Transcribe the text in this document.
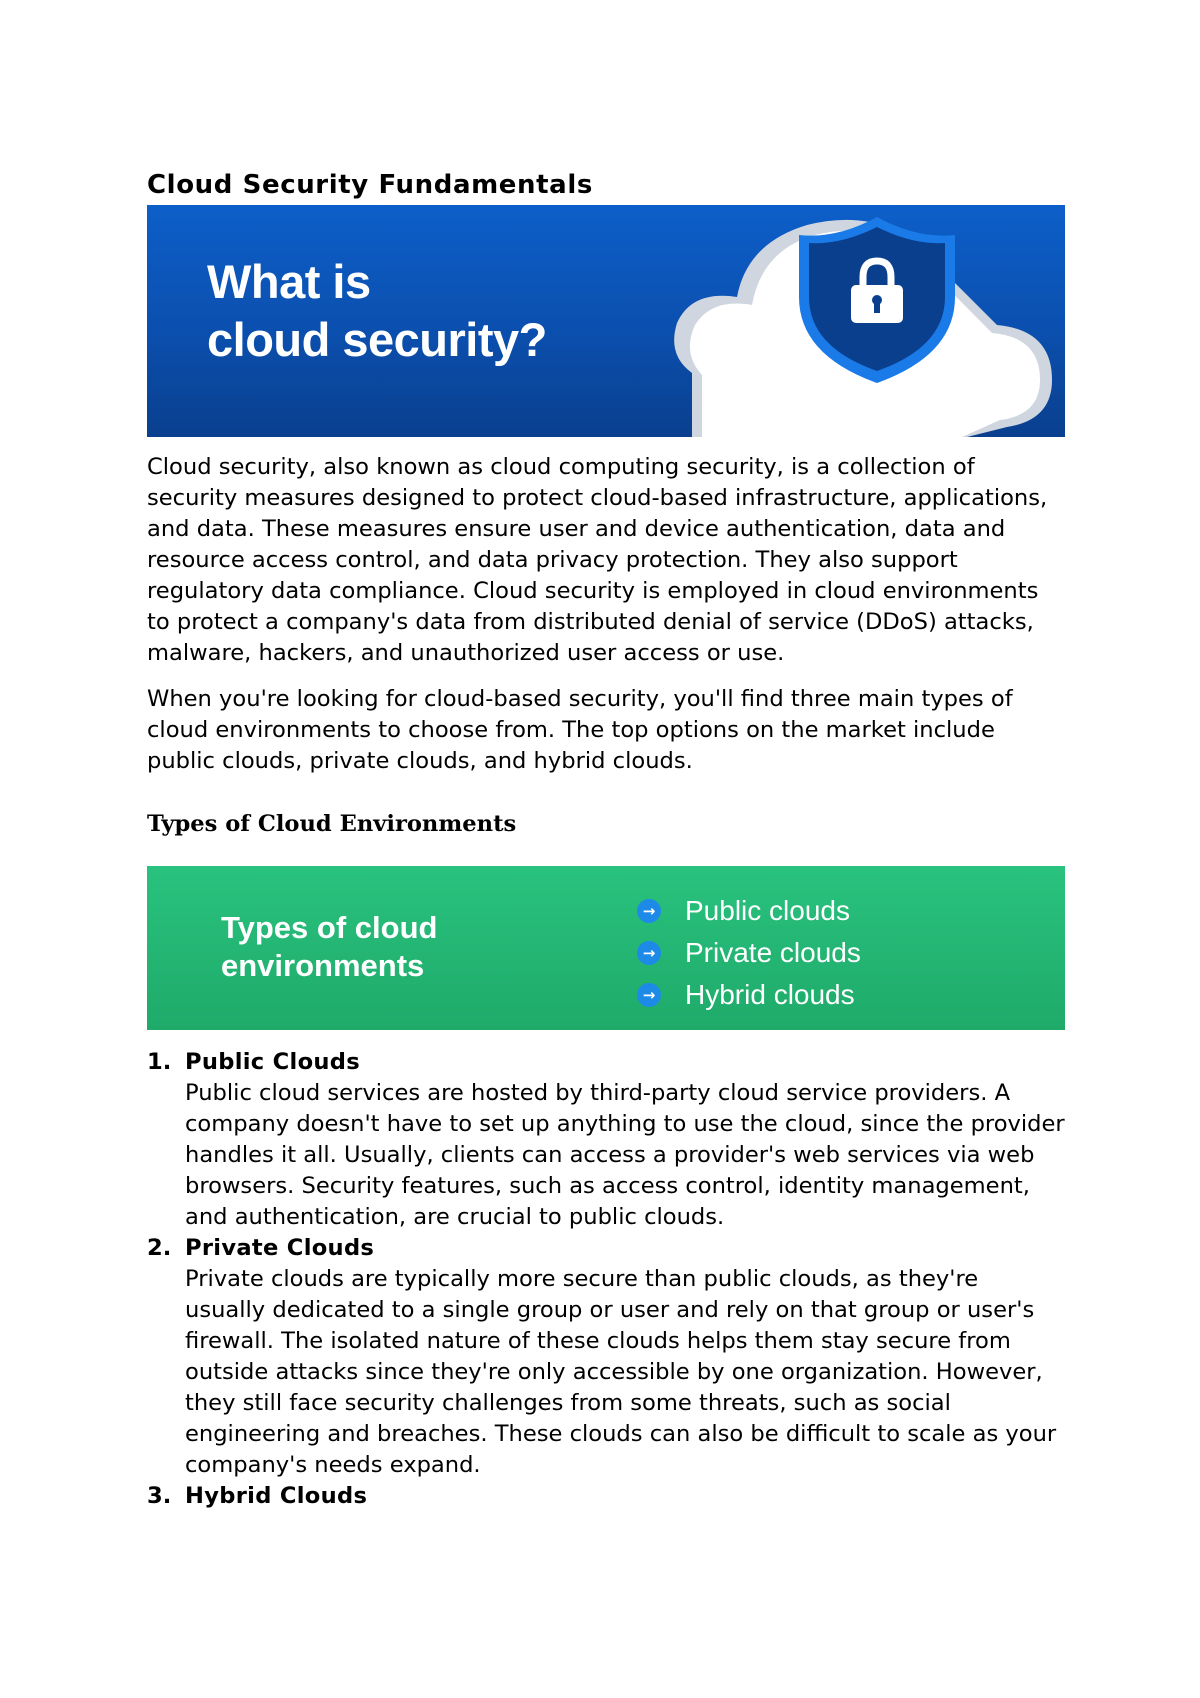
Cloud Security Fundamentals
What is
cloud security?

Cloud security, also known as cloud computing security, is a collection of security measures designed to protect cloud-based infrastructure, applications, and data. These measures ensure user and device authentication, data and resource access control, and data privacy protection. They also support regulatory data compliance. Cloud security is employed in cloud environments to protect a company's data from distributed denial of service (DDoS) attacks, malware, hackers, and unauthorized user access or use.

When you're looking for cloud-based security, you'll find three main types of cloud environments to choose from. The top options on the market include public clouds, private clouds, and hybrid clouds.

Types of Cloud Environments
Types of cloud
environments
→ Public clouds
→ Private clouds
→ Hybrid clouds
1. Public Clouds
Public cloud services are hosted by third-party cloud service providers. A company doesn't have to set up anything to use the cloud, since the provider handles it all. Usually, clients can access a provider's web services via web browsers. Security features, such as access control, identity management, and authentication, are crucial to public clouds.
2. Private Clouds
Private clouds are typically more secure than public clouds, as they're usually dedicated to a single group or user and rely on that group or user's firewall. The isolated nature of these clouds helps them stay secure from outside attacks since they're only accessible by one organization. However, they still face security challenges from some threats, such as social engineering and breaches. These clouds can also be difficult to scale as your company's needs expand.
3. Hybrid Clouds
